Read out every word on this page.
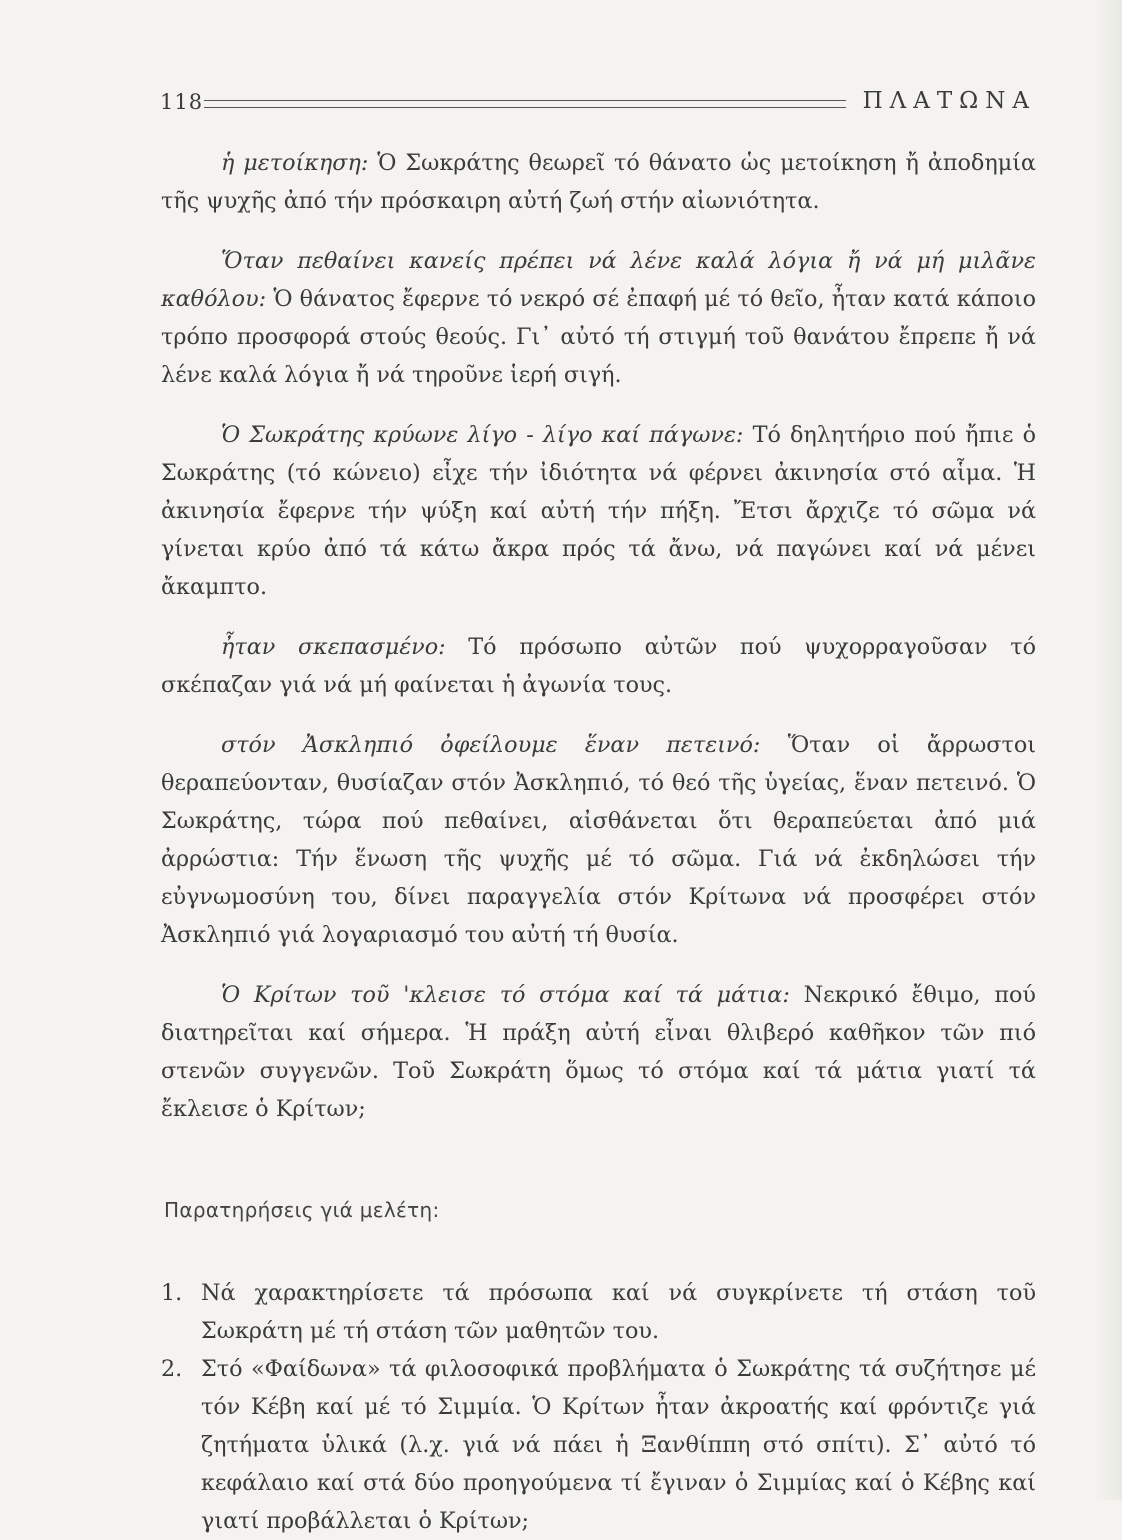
118	ΠΛΑΤΩΝΑ

ἡ μετοίκηση: Ὁ Σωκράτης θεωρεῖ τό θάνατο ὡς μετοίκηση ἤ ἀποδημία τῆς ψυχῆς ἀπό τήν πρόσκαιρη αὐτή ζωή στήν αἰωνιότητα.

Ὅταν πεθαίνει κανείς πρέπει νά λένε καλά λόγια ἤ νά μή μιλᾶνε καθόλου: Ὁ θάνατος ἔφερνε τό νεκρό σέ ἐπαφή μέ τό θεῖο, ἦταν κατά κάποιο τρόπο προσφορά στούς θεούς. Γι᾿ αὐτό τή στιγμή τοῦ θανάτου ἔπρεπε ἤ νά λένε καλά λόγια ἤ νά τηροῦνε ἱερή σιγή.

Ὁ Σωκράτης κρύωνε λίγο - λίγο καί πάγωνε: Τό δηλητήριο πού ἤπιε ὁ Σωκράτης (τό κώνειο) εἶχε τήν ἰδιότητα νά φέρνει ἀκινησία στό αἷμα. Ἡ ἀκινησία ἔφερνε τήν ψύξη καί αὐτή τήν πήξη. Ἔτσι ἄρχιζε τό σῶμα νά γίνεται κρύο ἀπό τά κάτω ἄκρα πρός τά ἄνω, νά παγώνει καί νά μένει ἄκαμπτο.

ἦταν σκεπασμένο: Τό πρόσωπο αὐτῶν πού ψυχορραγοῦσαν τό σκέπαζαν γιά νά μή φαίνεται ἡ ἀγωνία τους.

στόν Ἀσκληπιό ὀφείλουμε ἕναν πετεινό: Ὅταν οἱ ἄρρωστοι θεραπεύονταν, θυσίαζαν στόν Ἀσκληπιό, τό θεό τῆς ὑγείας, ἕναν πετεινό. Ὁ Σωκράτης, τώρα πού πεθαίνει, αἰσθάνεται ὅτι θεραπεύεται ἀπό μιά ἀρρώστια: Τήν ἕνωση τῆς ψυχῆς μέ τό σῶμα. Γιά νά ἐκδηλώσει τήν εὐγνωμοσύνη του, δίνει παραγγελία στόν Κρίτωνα νά προσφέρει στόν Ἀσκληπιό γιά λογαριασμό του αὐτή τή θυσία.

Ὁ Κρίτων τοῦ 'κλεισε τό στόμα καί τά μάτια: Νεκρικό ἔθιμο, πού διατηρεῖται καί σήμερα. Ἡ πράξη αὐτή εἶναι θλιβερό καθῆκον τῶν πιό στενῶν συγγενῶν. Τοῦ Σωκράτη ὅμως τό στόμα καί τά μάτια γιατί τά ἔκλεισε ὁ Κρίτων;

Παρατηρήσεις γιά μελέτη:
1. Νά χαρακτηρίσετε τά πρόσωπα καί νά συγκρίνετε τή στάση τοῦ Σωκράτη μέ τή στάση τῶν μαθητῶν του.
2. Στό «Φαίδωνα» τά φιλοσοφικά προβλήματα ὁ Σωκράτης τά συζήτησε μέ τόν Κέβη καί μέ τό Σιμμία. Ὁ Κρίτων ἦταν ἀκροατής καί φρόντιζε γιά ζητήματα ὑλικά (λ.χ. γιά νά πάει ἡ Ξανθίππη στό σπίτι). Σ᾿ αὐτό τό κεφάλαιο καί στά δύο προηγούμενα τί ἔγιναν ὁ Σιμμίας καί ὁ Κέβης καί γιατί προβάλλεται ὁ Κρίτων;
